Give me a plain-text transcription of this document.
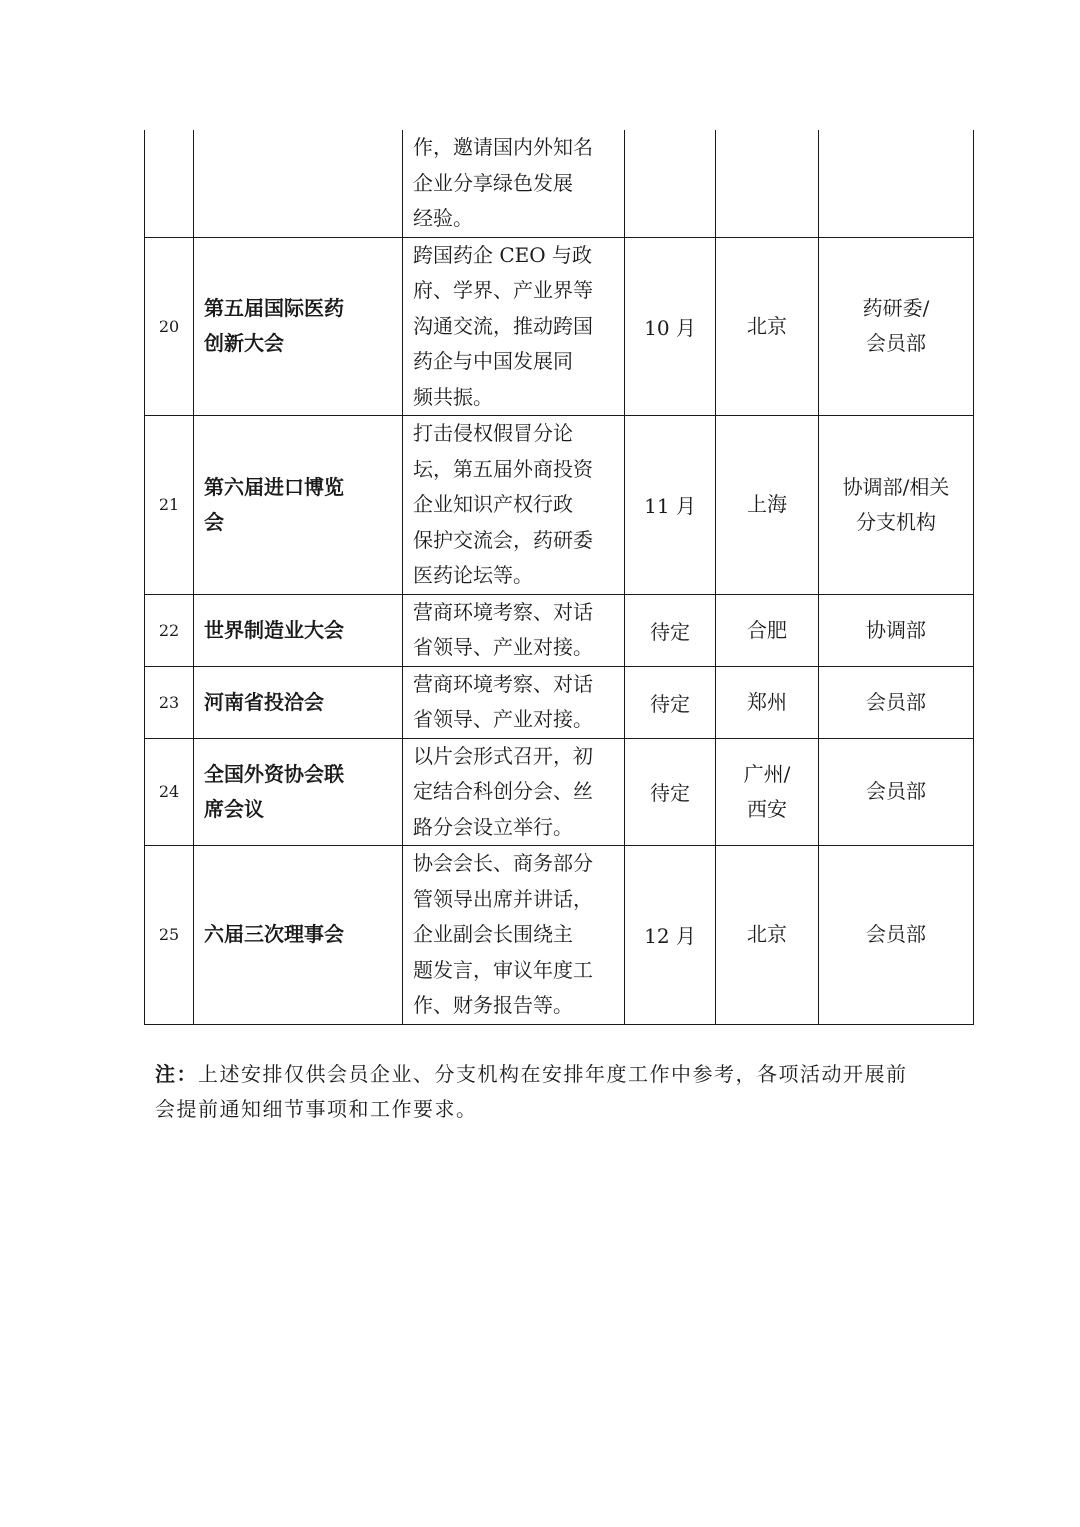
		作，邀请国内外知名
企业分享绿色发展
经验。			

20	第五届国际医药
创新大会	跨国药企 CEO 与政
府、学界、产业界等
沟通交流，推动跨国
药企与中国发展同
频共振。	10 月	北京	药研委/
会员部

21	第六届进口博览
会	打击侵权假冒分论
坛，第五届外商投资
企业知识产权行政
保护交流会，药研委
医药论坛等。	11 月	上海	协调部/相关
分支机构

22	世界制造业大会	营商环境考察、对话
省领导、产业对接。	待定	合肥	协调部

23	河南省投洽会	营商环境考察、对话
省领导、产业对接。	待定	郑州	会员部

24	全国外资协会联
席会议	以片会形式召开，初
定结合科创分会、丝
路分会设立举行。	待定	广州/
西安	会员部

25	六届三次理事会	协会会长、商务部分
管领导出席并讲话，
企业副会长围绕主
题发言，审议年度工
作、财务报告等。	12 月	北京	会员部
注：上述安排仅供会员企业、分支机构在安排年度工作中参考，各项活动开展前
会提前通知细节事项和工作要求。
